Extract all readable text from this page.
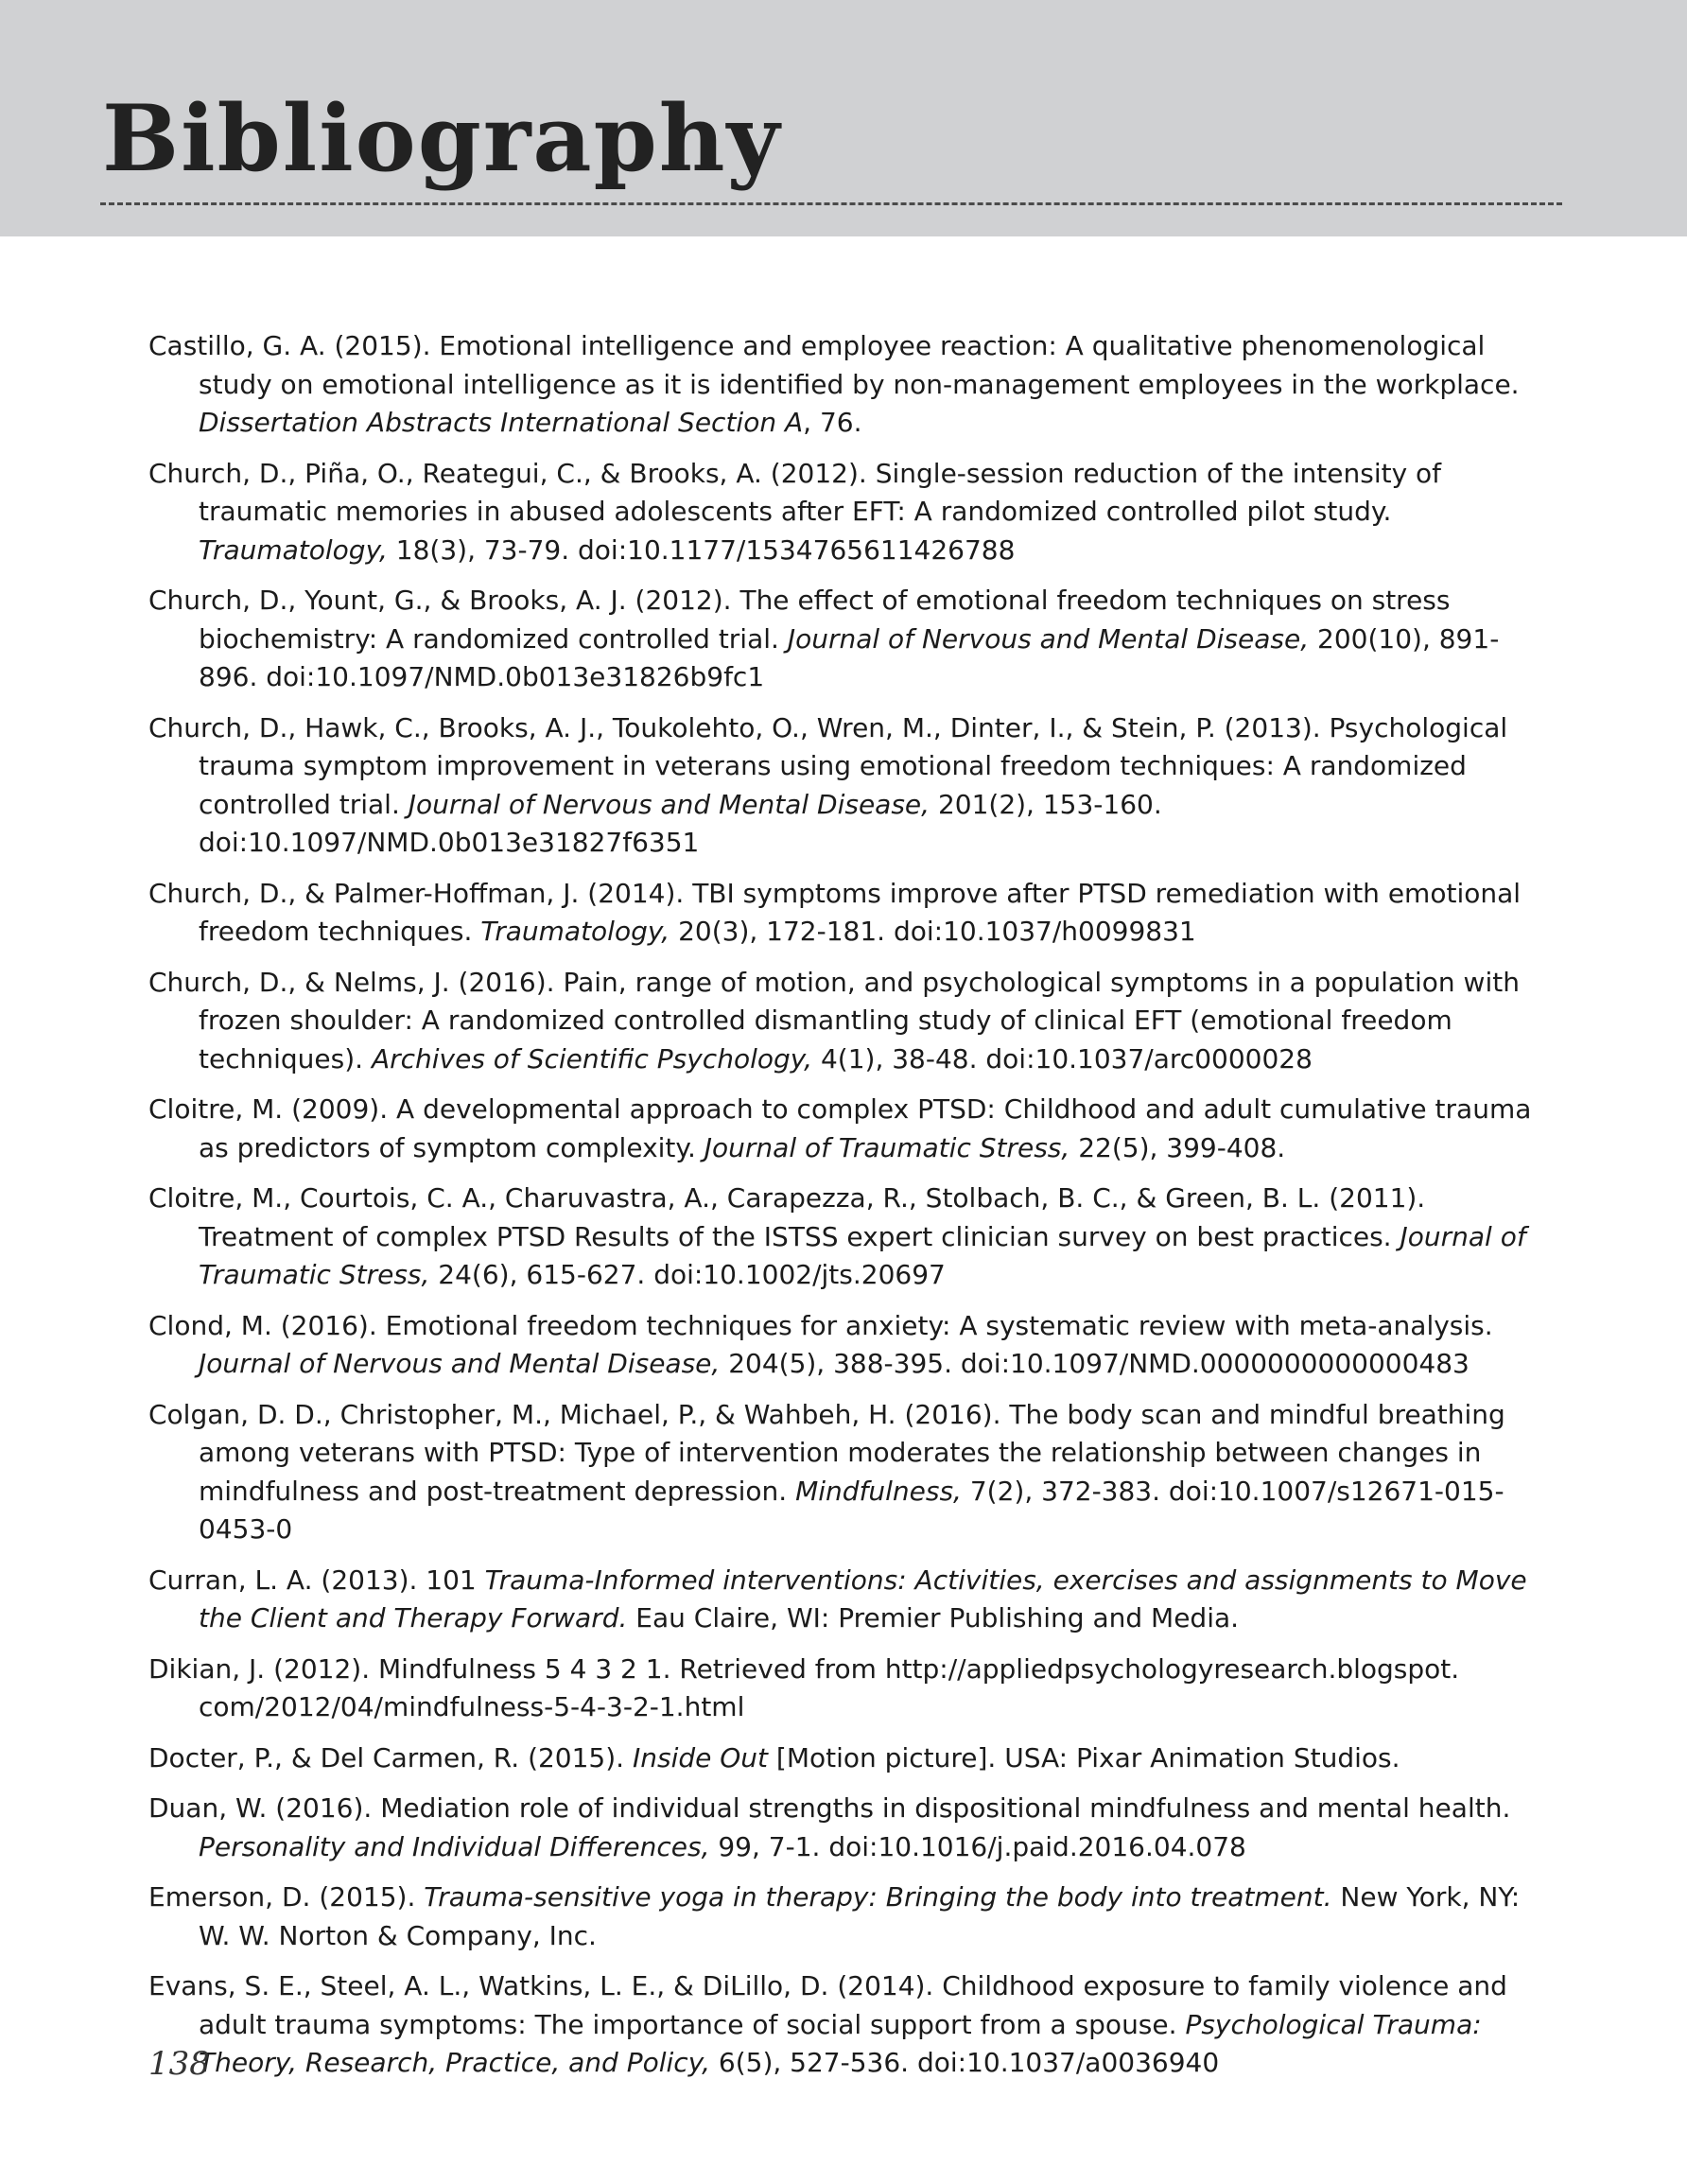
Bibliography

Castillo, G. A. (2015). Emotional intelligence and employee reaction: A qualitative phenomenological study on emotional intelligence as it is identified by non-management employees in the workplace. Dissertation Abstracts International Section A, 76.

Church, D., Piña, O., Reategui, C., & Brooks, A. (2012). Single-session reduction of the intensity of traumatic memories in abused adolescents after EFT: A randomized controlled pilot study. Traumatology, 18(3), 73-79. doi:10.1177/1534765611426788

Church, D., Yount, G., & Brooks, A. J. (2012). The effect of emotional freedom techniques on stress biochemistry: A randomized controlled trial. Journal of Nervous and Mental Disease, 200(10), 891-896. doi:10.1097/NMD.0b013e31826b9fc1

Church, D., Hawk, C., Brooks, A. J., Toukolehto, O., Wren, M., Dinter, I., & Stein, P. (2013). Psychological trauma symptom improvement in veterans using emotional freedom techniques: A randomized controlled trial. Journal of Nervous and Mental Disease, 201(2), 153-160. doi:10.1097/NMD.0b013e31827f6351

Church, D., & Palmer-Hoffman, J. (2014). TBI symptoms improve after PTSD remediation with emotional freedom techniques. Traumatology, 20(3), 172-181. doi:10.1037/h0099831

Church, D., & Nelms, J. (2016). Pain, range of motion, and psychological symptoms in a population with frozen shoulder: A randomized controlled dismantling study of clinical EFT (emotional freedom techniques). Archives of Scientific Psychology, 4(1), 38-48. doi:10.1037/arc0000028

Cloitre, M. (2009). A developmental approach to complex PTSD: Childhood and adult cumulative trauma as predictors of symptom complexity. Journal of Traumatic Stress, 22(5), 399-408.

Cloitre, M., Courtois, C. A., Charuvastra, A., Carapezza, R., Stolbach, B. C., & Green, B. L. (2011). Treatment of complex PTSD Results of the ISTSS expert clinician survey on best practices. Journal of Traumatic Stress, 24(6), 615-627. doi:10.1002/jts.20697

Clond, M. (2016). Emotional freedom techniques for anxiety: A systematic review with meta-analysis. Journal of Nervous and Mental Disease, 204(5), 388-395. doi:10.1097/NMD.0000000000000483

Colgan, D. D., Christopher, M., Michael, P., & Wahbeh, H. (2016). The body scan and mindful breathing among veterans with PTSD: Type of intervention moderates the relationship between changes in mindfulness and post-treatment depression. Mindfulness, 7(2), 372-383. doi:10.1007/s12671-015-0453-0

Curran, L. A. (2013). 101 Trauma-Informed interventions: Activities, exercises and assignments to Move the Client and Therapy Forward. Eau Claire, WI: Premier Publishing and Media.

Dikian, J. (2012). Mindfulness 5 4 3 2 1. Retrieved from http://appliedpsychologyresearch.blogspot. com/2012/04/mindfulness-5-4-3-2-1.html

Docter, P., & Del Carmen, R. (2015). Inside Out [Motion picture]. USA: Pixar Animation Studios.

Duan, W. (2016). Mediation role of individual strengths in dispositional mindfulness and mental health. Personality and Individual Differences, 99, 7-1. doi:10.1016/j.paid.2016.04.078

Emerson, D. (2015). Trauma-sensitive yoga in therapy: Bringing the body into treatment. New York, NY: W. W. Norton & Company, Inc.

Evans, S. E., Steel, A. L., Watkins, L. E., & DiLillo, D. (2014). Childhood exposure to family violence and adult trauma symptoms: The importance of social support from a spouse. Psychological Trauma: Theory, Research, Practice, and Policy, 6(5), 527-536. doi:10.1037/a0036940

138
